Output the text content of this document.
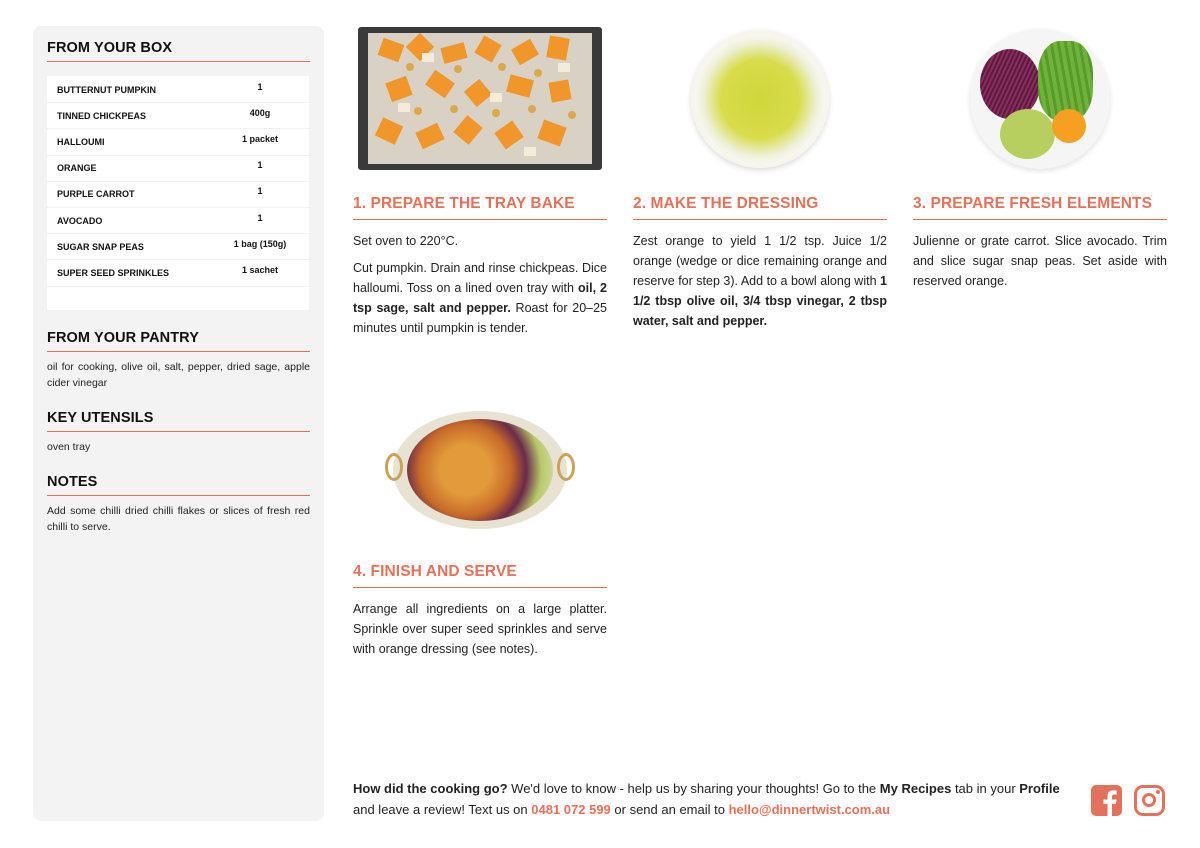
FROM YOUR BOX
BUTTERNUT PUMPKIN	1
TINNED CHICKPEAS	400g
HALLOUMI	1 packet
ORANGE	1
PURPLE CARROT	1
AVOCADO	1
SUGAR SNAP PEAS	1 bag (150g)
SUPER SEED SPRINKLES	1 sachet
FROM YOUR PANTRY

oil for cooking, olive oil, salt, pepper, dried sage, apple cider vinegar

KEY UTENSILS

oven tray

NOTES

Add some chilli dried chilli flakes or slices of fresh red chilli to serve.

1. PREPARE THE TRAY BAKE

Set oven to 220°C.

Cut pumpkin. Drain and rinse chickpeas. Dice halloumi. Toss on a lined oven tray with oil, 2 tsp sage, salt and pepper. Roast for 20–25 minutes until pumpkin is tender.

2. MAKE THE DRESSING

Zest orange to yield 1 1/2 tsp. Juice 1/2 orange (wedge or dice remaining orange and reserve for step 3). Add to a bowl along with 1 1/2 tbsp olive oil, 3/4 tbsp vinegar, 2 tbsp water, salt and pepper.

3. PREPARE FRESH ELEMENTS

Julienne or grate carrot. Slice avocado. Trim and slice sugar snap peas. Set aside with reserved orange.

4. FINISH AND SERVE

Arrange all ingredients on a large platter. Sprinkle over super seed sprinkles and serve with orange dressing (see notes).

How did the cooking go? We'd love to know - help us by sharing your thoughts! Go to the My Recipes tab in your Profile and leave a review! Text us on 0481 072 599 or send an email to hello@dinnertwist.com.au
